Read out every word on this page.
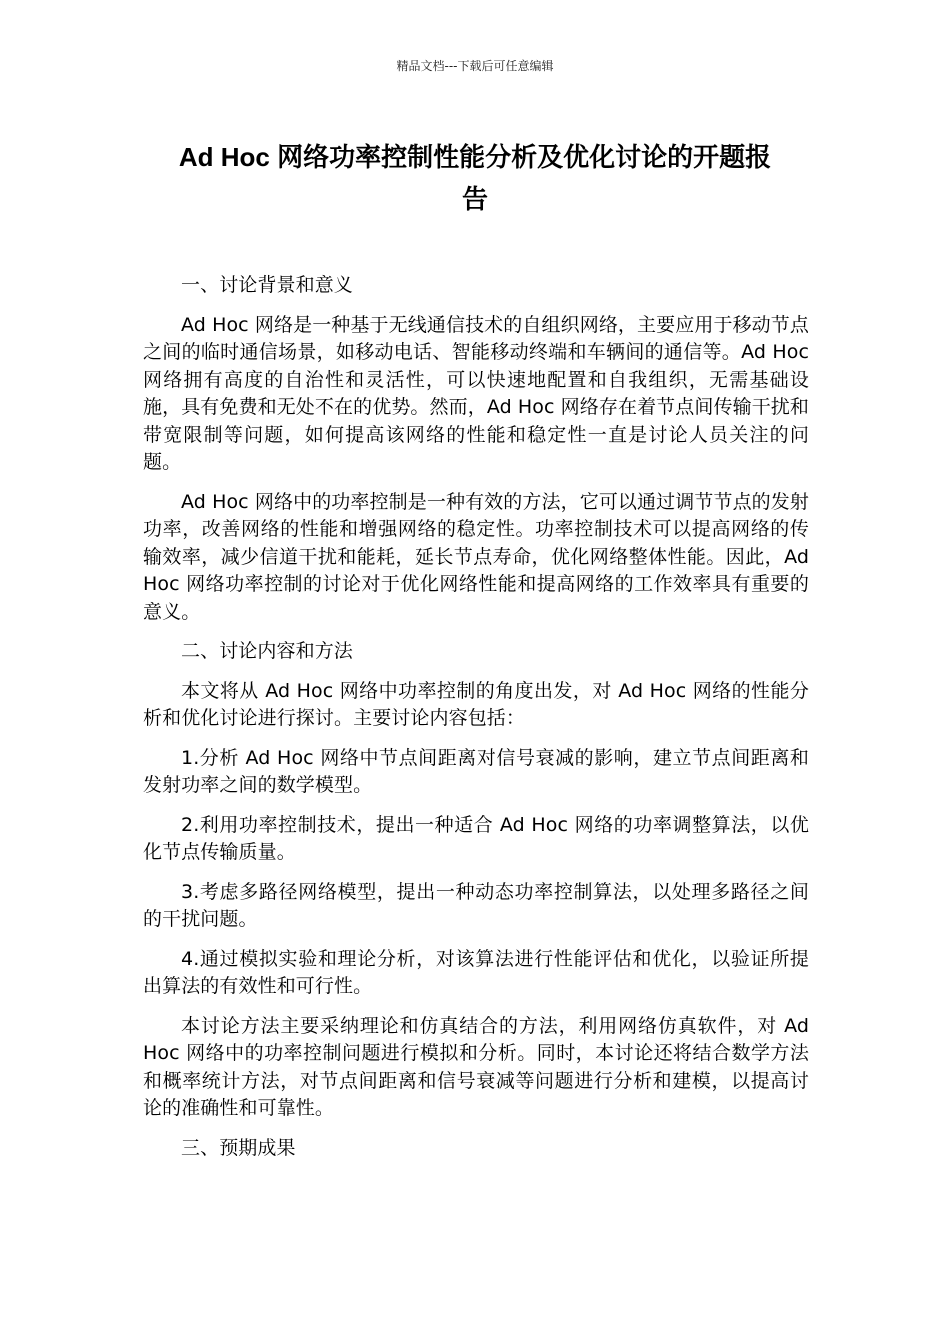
精品文档---下载后可任意编辑
Ad Hoc 网络功率控制性能分析及优化讨论的开题报
告

一、讨论背景和意义

Ad Hoc 网络是一种基于无线通信技术的自组织网络，主要应用于移动节点之间的临时通信场景，如移动电话、智能移动终端和车辆间的通信等。Ad Hoc 网络拥有高度的自治性和灵活性，可以快速地配置和自我组织，无需基础设施，具有免费和无处不在的优势。然而，Ad Hoc 网络存在着节点间传输干扰和带宽限制等问题，如何提高该网络的性能和稳定性一直是讨论人员关注的问题。

Ad Hoc 网络中的功率控制是一种有效的方法，它可以通过调节节点的发射功率，改善网络的性能和增强网络的稳定性。功率控制技术可以提高网络的传输效率，减少信道干扰和能耗，延长节点寿命，优化网络整体性能。因此，Ad Hoc 网络功率控制的讨论对于优化网络性能和提高网络的工作效率具有重要的意义。

二、讨论内容和方法

本文将从 Ad Hoc 网络中功率控制的角度出发，对 Ad Hoc 网络的性能分析和优化讨论进行探讨。主要讨论内容包括：

1.分析 Ad Hoc 网络中节点间距离对信号衰减的影响，建立节点间距离和发射功率之间的数学模型。

2.利用功率控制技术，提出一种适合 Ad Hoc 网络的功率调整算法，以优化节点传输质量。

3.考虑多路径网络模型，提出一种动态功率控制算法，以处理多路径之间的干扰问题。

4.通过模拟实验和理论分析，对该算法进行性能评估和优化，以验证所提出算法的有效性和可行性。

本讨论方法主要采纳理论和仿真结合的方法，利用网络仿真软件，对 Ad Hoc 网络中的功率控制问题进行模拟和分析。同时，本讨论还将结合数学方法和概率统计方法，对节点间距离和信号衰减等问题进行分析和建模，以提高讨论的准确性和可靠性。

三、预期成果
